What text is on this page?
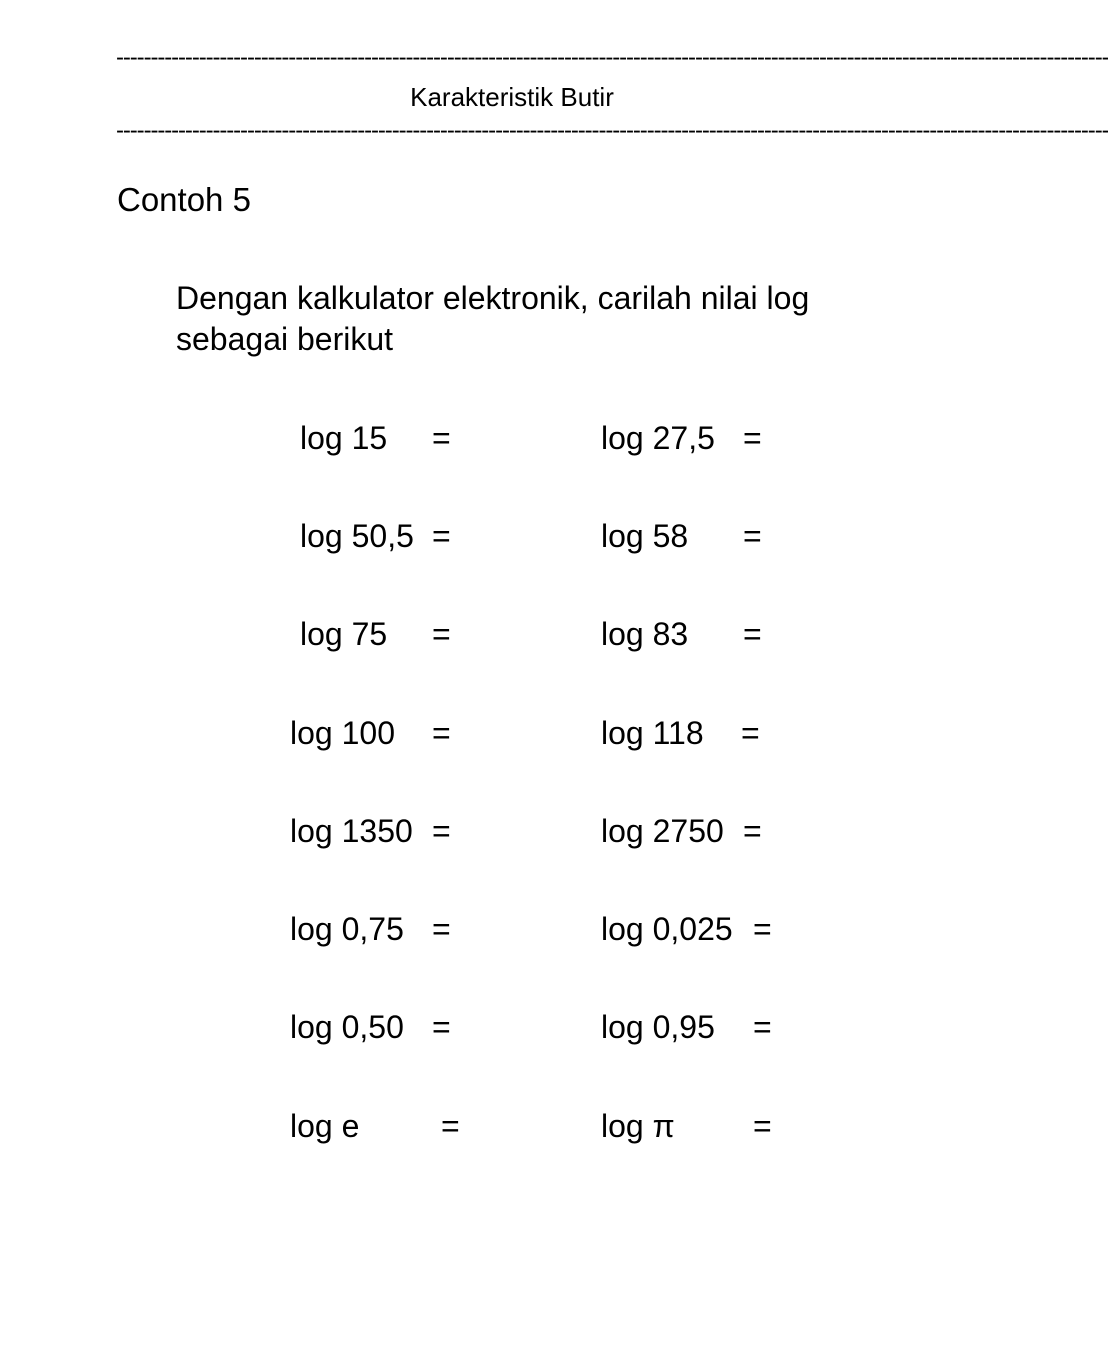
------------------------------------------------------------------------------------------------------------------------------------------------
Karakteristik Butir
------------------------------------------------------------------------------------------------------------------------------------------------
Contoh 5
Dengan kalkulator elektronik, carilah nilai log sebagai berikut
log 15 =	log 27,5 =
log 50,5 =	log 58 =
log 75 =	log 83 =
log 100 =	log 118 =
log 1350 =	log 2750 =
log 0,75 =	log 0,025 =
log 0,50 =	log 0,95 =
log e	=	log π =
